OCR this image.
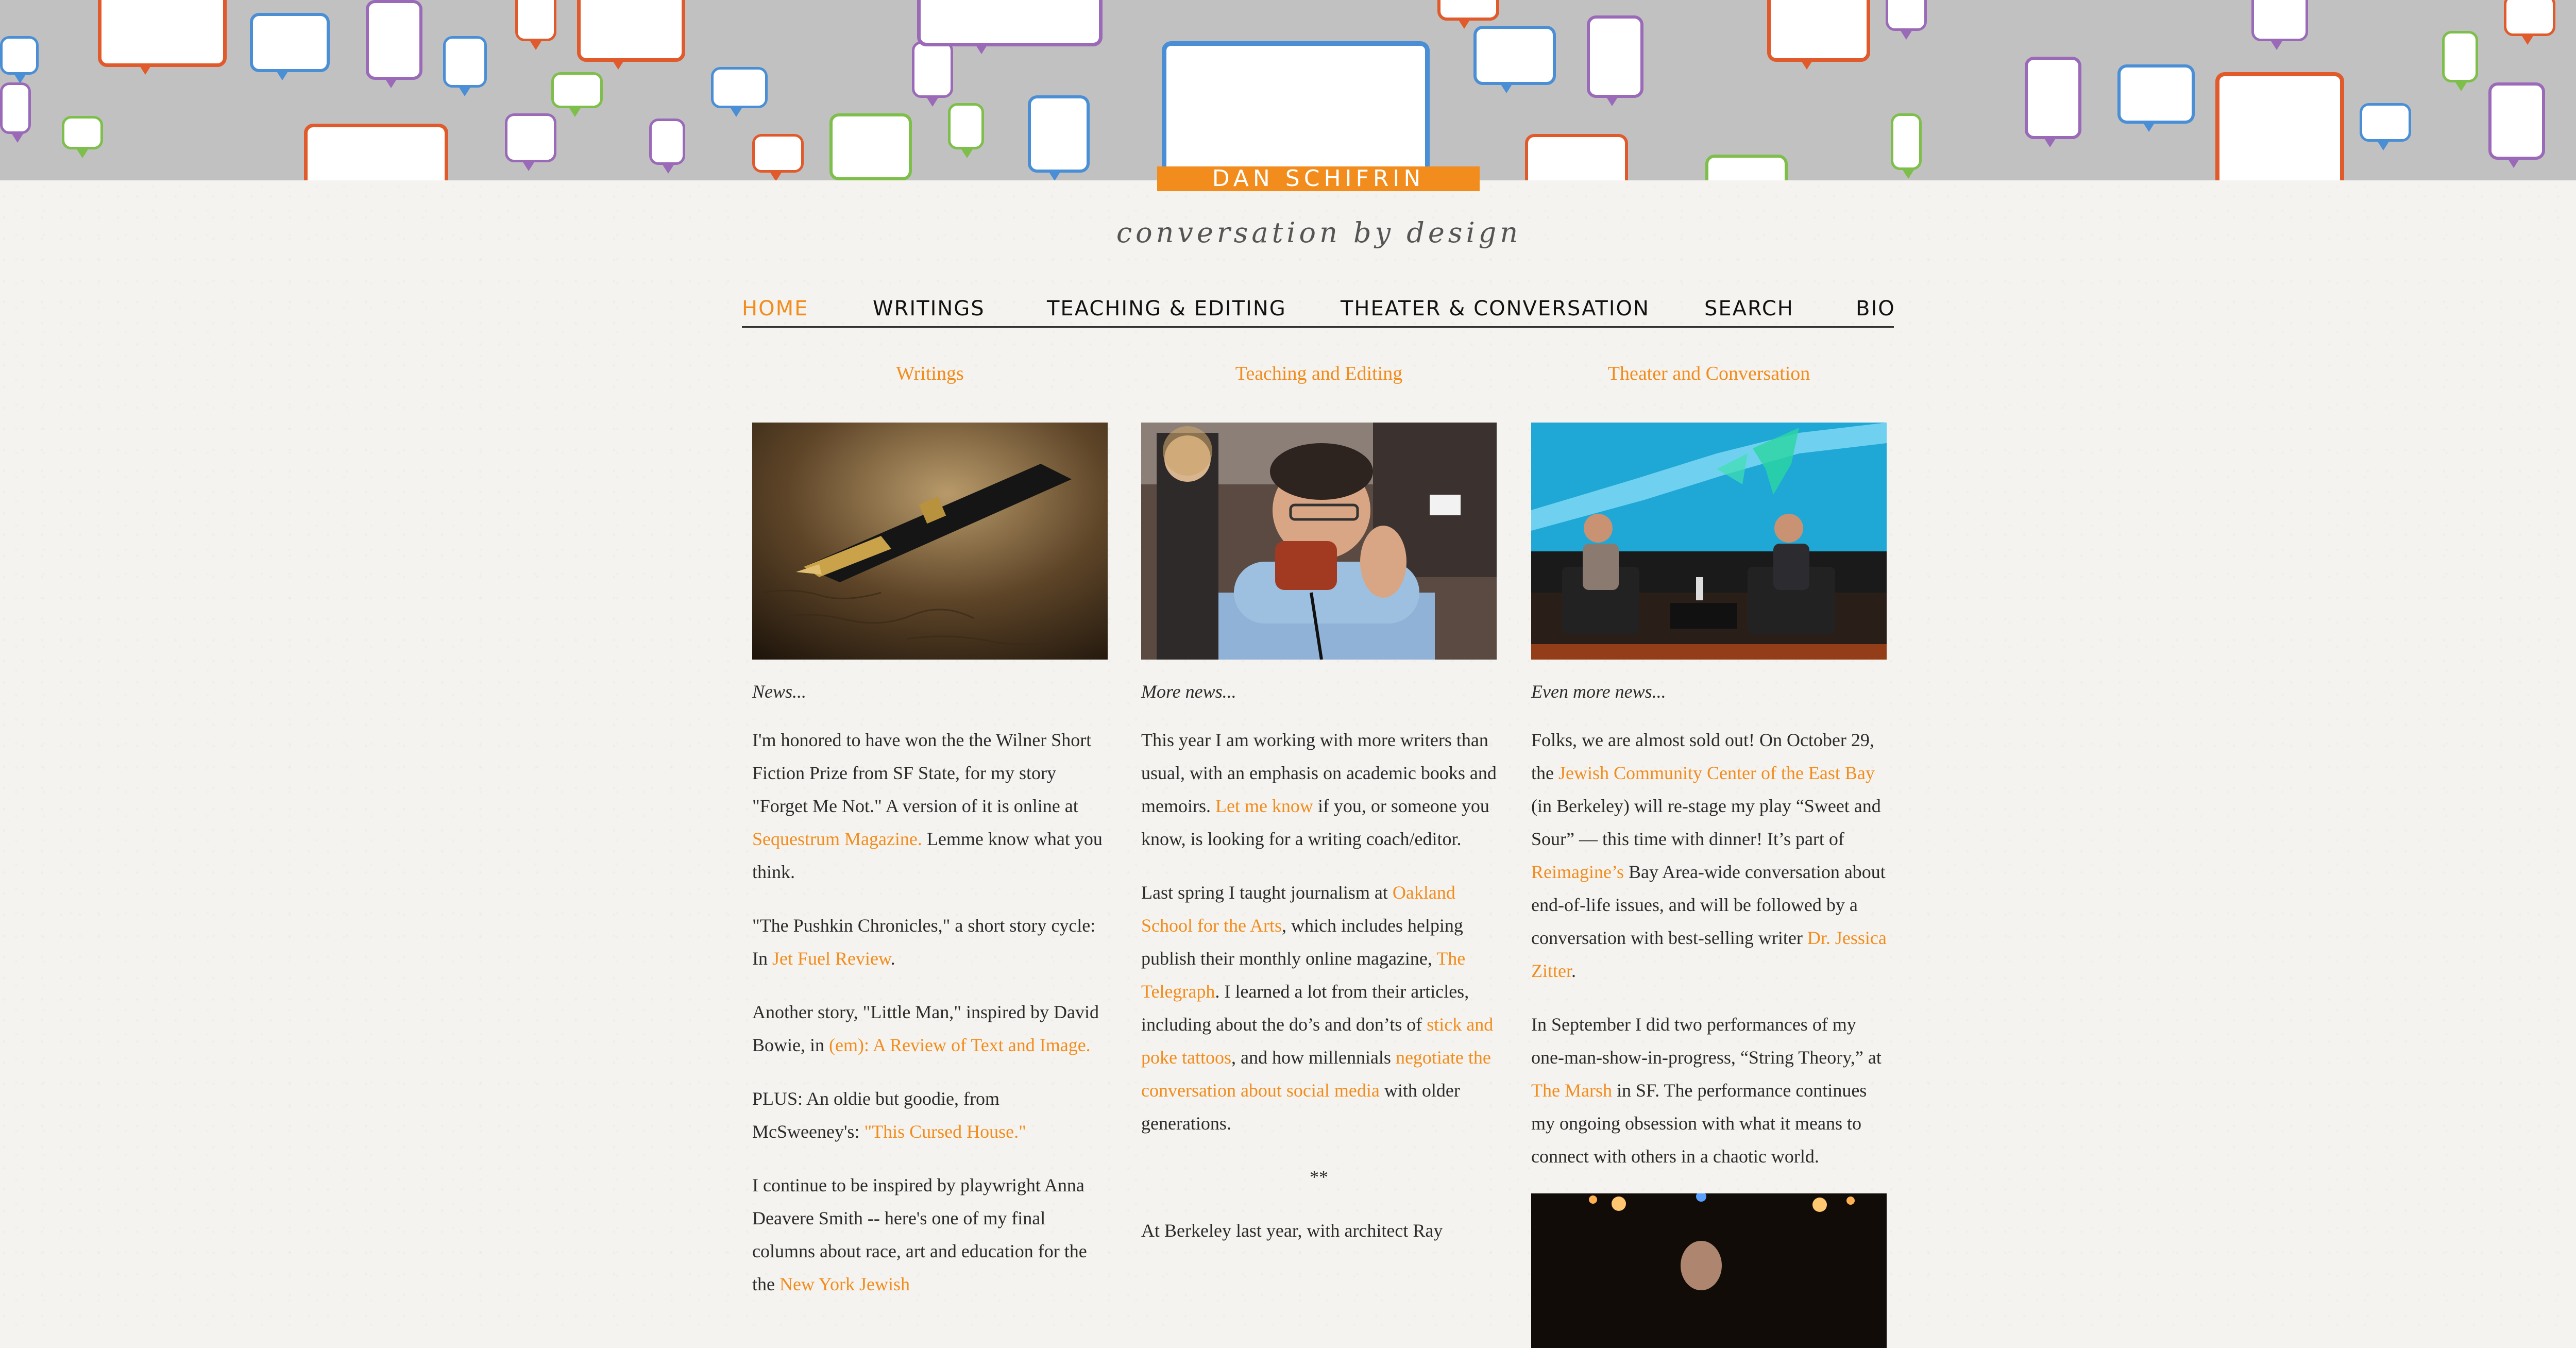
DAN SCHIFRIN
conversation by design
HOME	WRITINGS	TEACHING & EDITING	THEATER & CONVERSATION	SEARCH	BIO
Writings
News...

I'm honored to have won the the Wilner Short Fiction Prize from SF State, for my story "Forget Me Not." A version of it is online at Sequestrum Magazine. Lemme know what you think.

"The Pushkin Chronicles," a short story cycle: In Jet Fuel Review.

Another story, "Little Man," inspired by David Bowie, in (em): A Review of Text and Image.

PLUS: An oldie but goodie, from McSweeney's: "This Cursed House."

I continue to be inspired by playwright Anna Deavere Smith -- here's one of my final columns about race, art and education for the the New York Jewish

Teaching and Editing
More news...

This year I am working with more writers than usual, with an emphasis on academic books and memoirs. Let me know if you, or someone you know, is looking for a writing coach/editor.

Last spring I taught journalism at Oakland School for the Arts, which includes helping publish their monthly online magazine, The Telegraph. I learned a lot from their articles, including about the do’s and don’ts of stick and poke tattoos, and how millennials negotiate the conversation about social media with older generations.

**

At Berkeley last year, with architect Ray

Theater and Conversation
Even more news...

Folks, we are almost sold out! On October 29, the Jewish Community Center of the East Bay (in Berkeley) will re-stage my play “Sweet and Sour” — this time with dinner! It’s part of Reimagine’s Bay Area-wide conversation about end-of-life issues, and will be followed by a conversation with best-selling writer Dr. Jessica Zitter.

In September I did two performances of my one-man-show-in-progress, “String Theory,” at The Marsh in SF. The performance continues my ongoing obsession with what it means to connect with others in a chaotic world.
